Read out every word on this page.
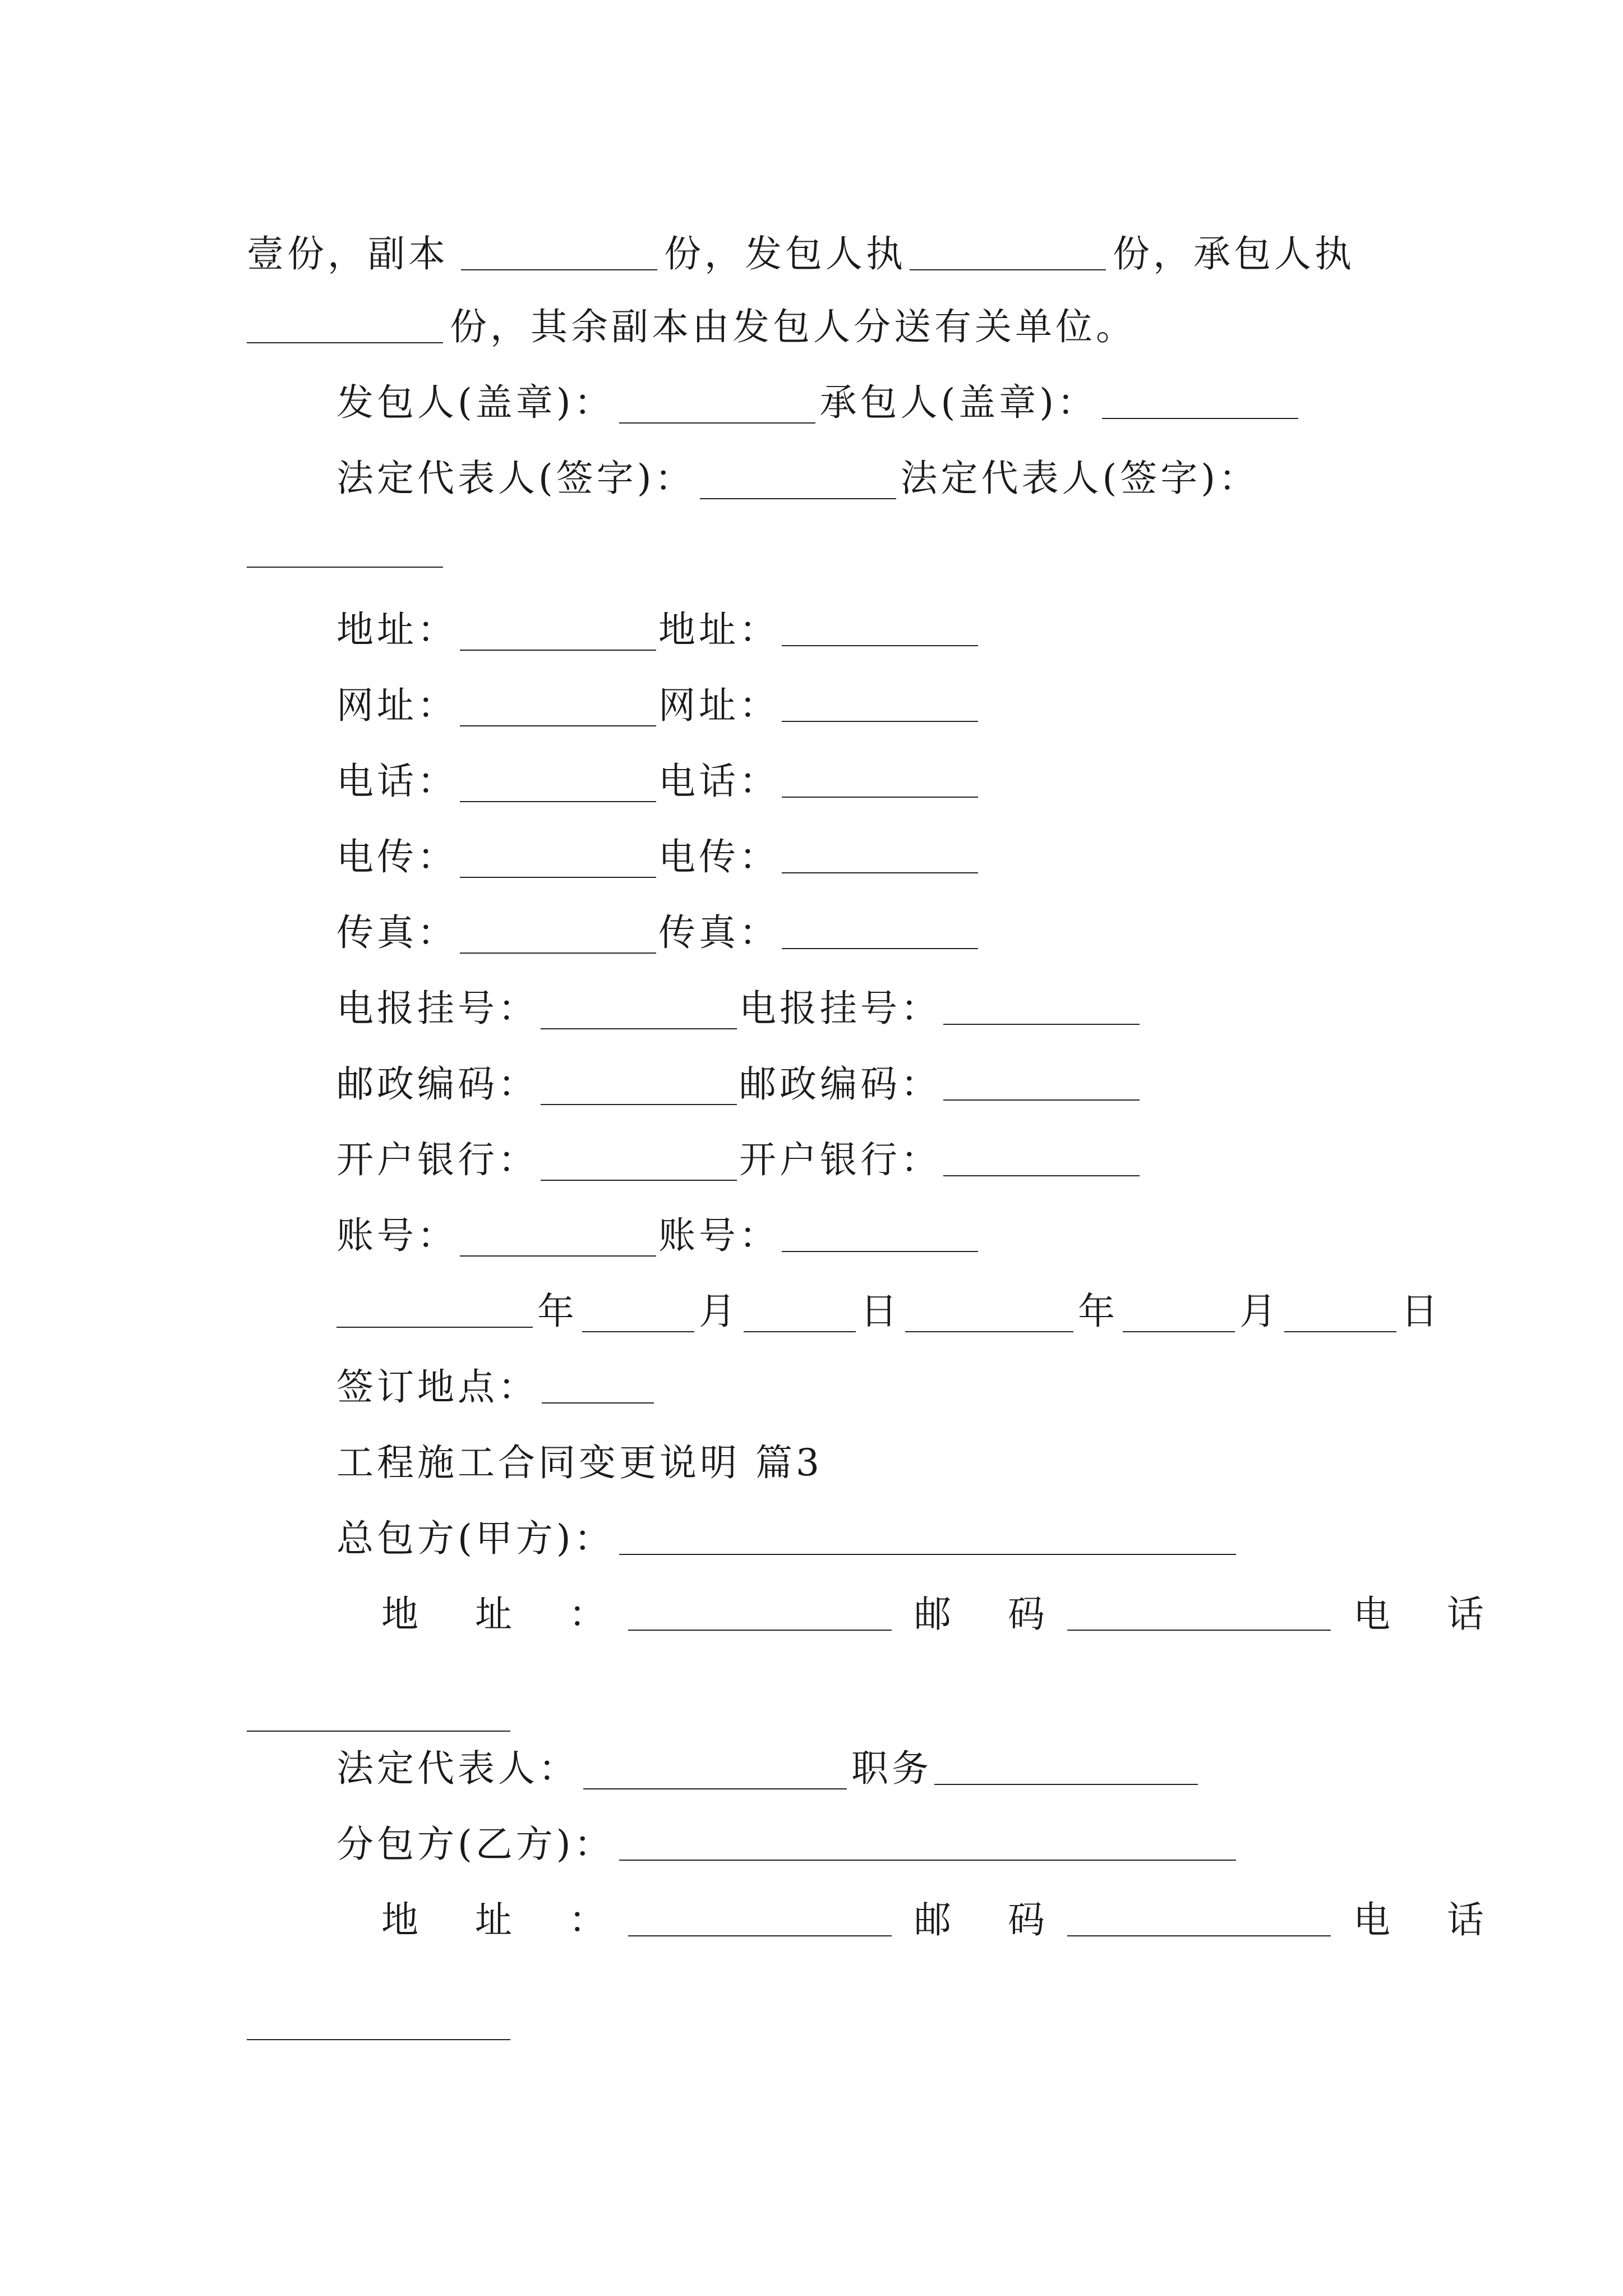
壹份，副本	份，发包人执	份，承包人执
份，其余副本由发包人分送有关单位。
发包人(盖章)：	承包人(盖章)：
法定代表人(签字)：	法定代表人(签字)：
地址：	地址：
网址：	网址：
电话：	电话：
电传：	电传：
传真：	传真：
电报挂号：	电报挂号：
邮政编码：	邮政编码：
开户银行：	开户银行：
账号：	账号：
年	月	日	年	月	日
签订地点：
工程施工合同变更说明 篇3
总包方(甲方)：
地 址 ：	邮 码	电 话
法定代表人：	职务
分包方(乙方)：
地 址 ：	邮 码	电 话
